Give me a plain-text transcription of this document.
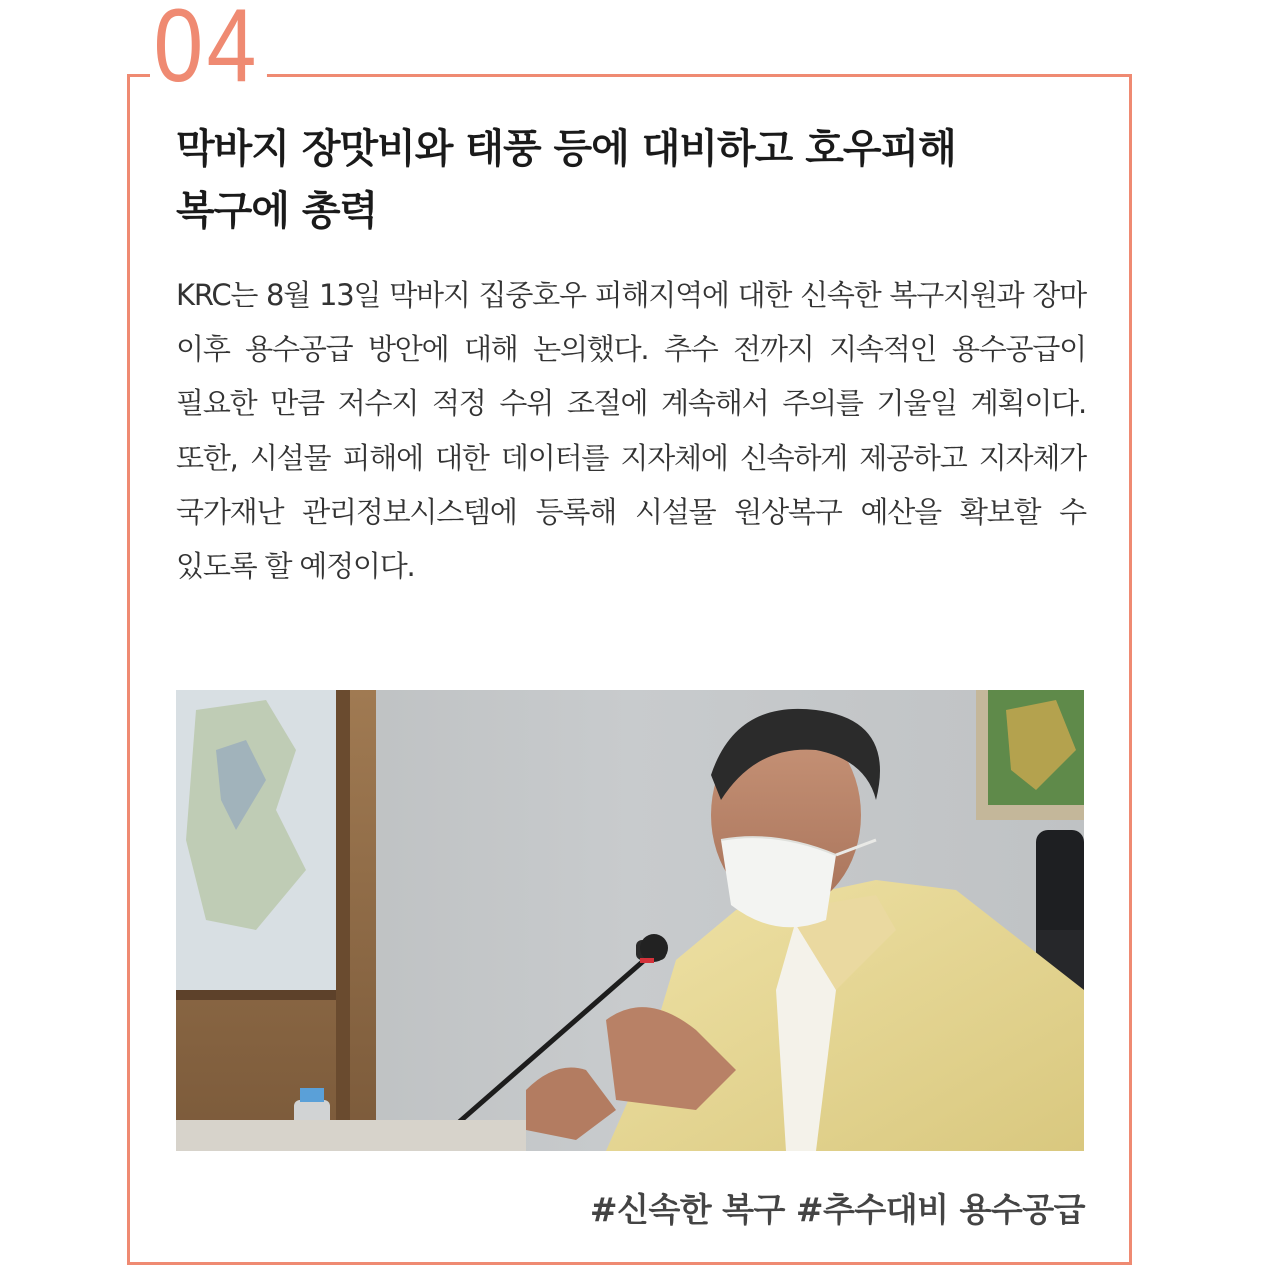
04
막바지 장맛비와 태풍 등에 대비하고 호우피해
복구에 총력

KRC는 8월 13일 막바지 집중호우 피해지역에 대한 신속한 복구지원과 장마 이후 용수공급 방안에 대해 논의했다. 추수 전까지 지속적인 용수공급이 필요한 만큼 저수지 적정 수위 조절에 계속해서 주의를 기울일 계획이다. 또한, 시설물 피해에 대한 데이터를 지자체에 신속하게 제공하고 지자체가 국가재난 관리정보시스템에 등록해 시설물 원상복구 예산을 확보할 수 있도록 할 예정이다.

#신속한 복구 #추수대비 용수공급
